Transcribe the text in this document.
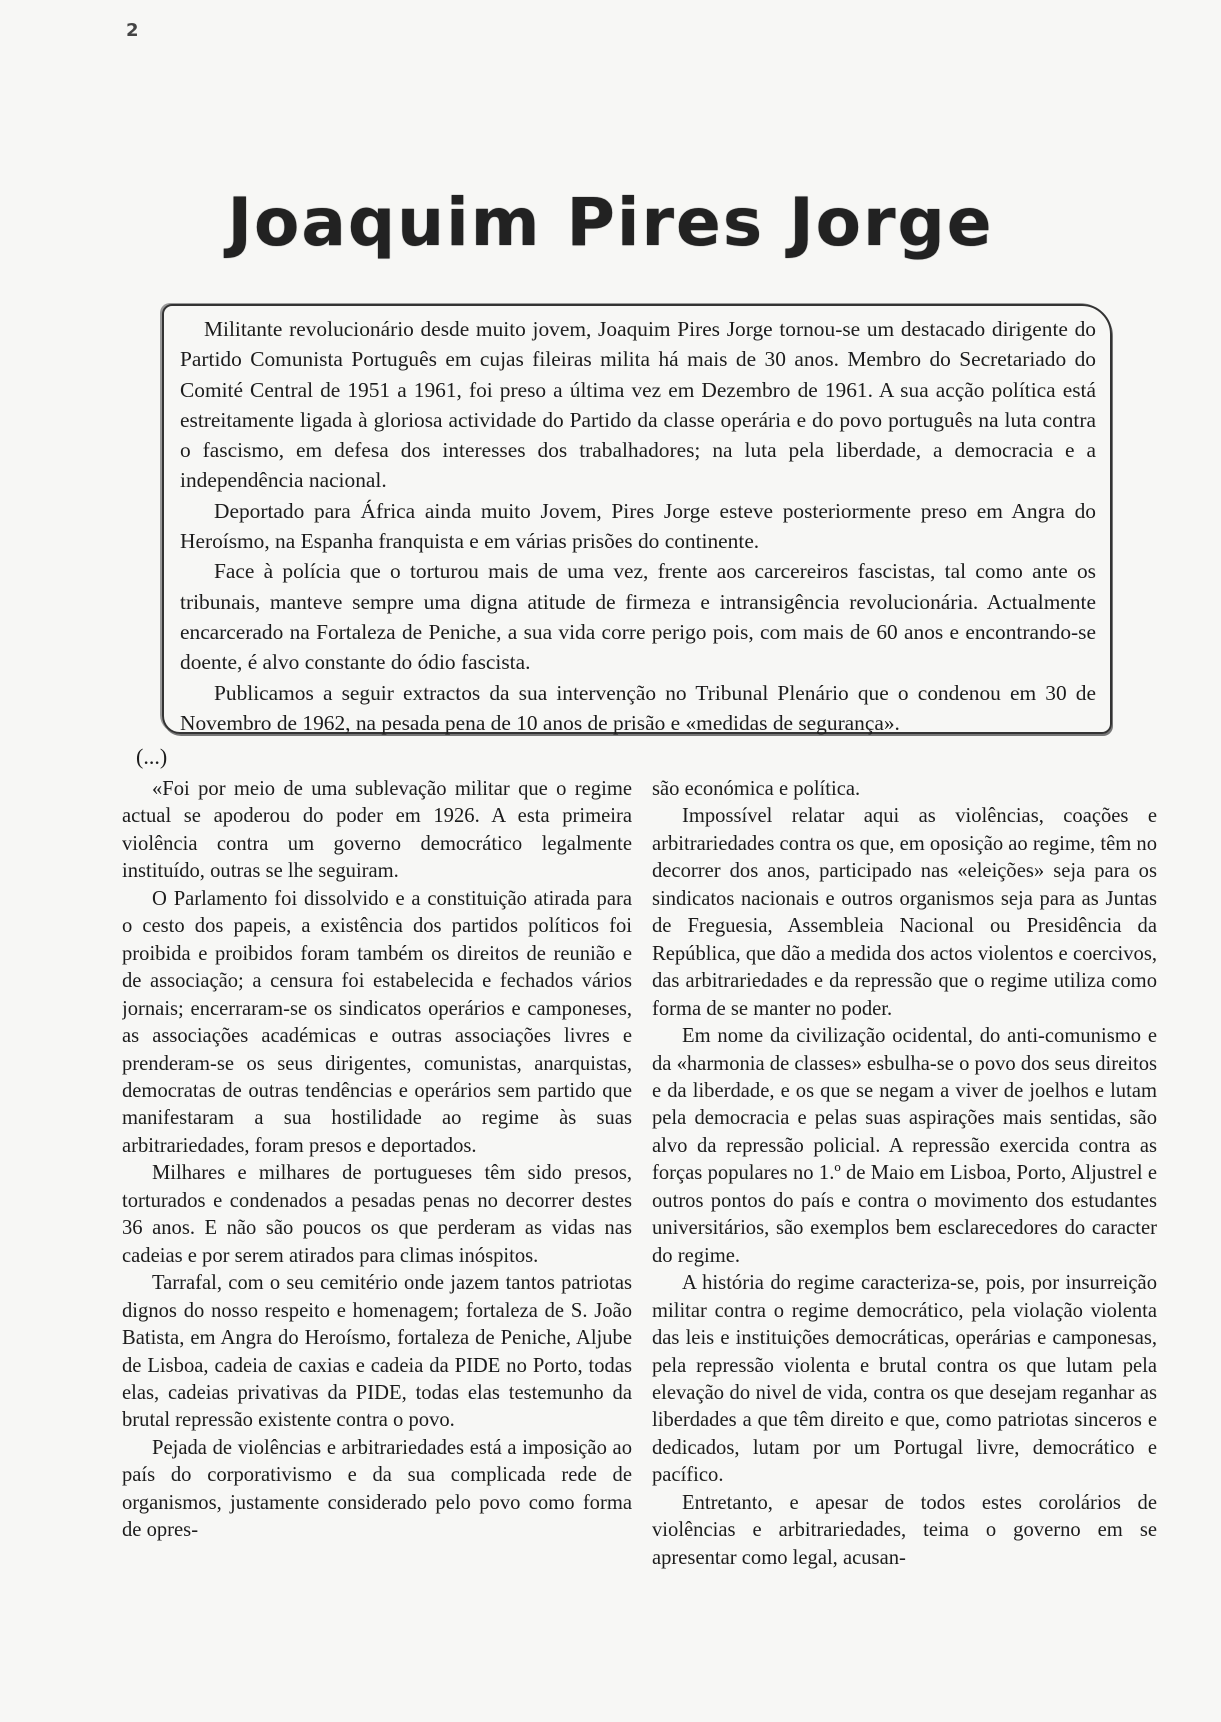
2
Joaquim Pires Jorge

Militante revolucionário desde muito jovem, Joaquim Pires Jorge tornou-se um destacado dirigente do Partido Comunista Português em cujas fileiras milita há mais de 30 anos. Membro do Secretariado do Comité Central de 1951 a 1961, foi preso a última vez em Dezembro de 1961. A sua acção política está estreitamente ligada à gloriosa actividade do Partido da classe operária e do povo português na luta contra o fascismo, em defesa dos interesses dos trabalhadores; na luta pela liberdade, a democracia e a independência nacional.

Deportado para África ainda muito Jovem, Pires Jorge esteve posteriormente preso em Angra do Heroísmo, na Espanha franquista e em várias prisões do continente.

Face à polícia que o torturou mais de uma vez, frente aos carcereiros fascistas, tal como ante os tribunais, manteve sempre uma digna atitude de firmeza e intransigência revolucionária. Actualmente encarcerado na Fortaleza de Peniche, a sua vida corre perigo pois, com mais de 60 anos e encontrando-se doente, é alvo constante do ódio fascista.

Publicamos a seguir extractos da sua intervenção no Tribunal Plenário que o condenou em 30 de Novembro de 1962, na pesada pena de 10 anos de prisão e «medidas de segurança».

(...)

«Foi por meio de uma sublevação militar que o regime actual se apoderou do poder em 1926. A esta primeira violência contra um governo democrático legalmente instituído, outras se lhe seguiram.

O Parlamento foi dissolvido e a constituição atirada para o cesto dos papeis, a existência dos partidos políticos foi proibida e proibidos foram também os direitos de reunião e de associação; a censura foi estabelecida e fechados vários jornais; encerraram-se os sindicatos operários e camponeses, as associações académicas e outras associações livres e prenderam-se os seus dirigentes, comunistas, anarquistas, democratas de outras tendências e operários sem partido que manifestaram a sua hostilidade ao regime às suas arbitrariedades, foram presos e deportados.

Milhares e milhares de portugueses têm sido presos, torturados e condenados a pesadas penas no decorrer destes 36 anos. E não são poucos os que perderam as vidas nas cadeias e por serem atirados para climas inóspitos.

Tarrafal, com o seu cemitério onde jazem tantos patriotas dignos do nosso respeito e homenagem; fortaleza de S. João Batista, em Angra do Heroísmo, fortaleza de Peniche, Aljube de Lisboa, cadeia de caxias e cadeia da PIDE no Porto, todas elas, cadeias privativas da PIDE, todas elas testemunho da brutal repressão existente contra o povo.

Pejada de violências e arbitrariedades está a imposição ao país do corporativismo e da sua complicada rede de organismos, justamente considerado pelo povo como forma de opres-

são económica e política.

Impossível relatar aqui as violências, coações e arbitrariedades contra os que, em oposição ao regime, têm no decorrer dos anos, participado nas «eleições» seja para os sindicatos nacionais e outros organismos seja para as Juntas de Freguesia, Assembleia Nacional ou Presidência da República, que dão a medida dos actos violentos e coercivos, das arbitrariedades e da repressão que o regime utiliza como forma de se manter no poder.

Em nome da civilização ocidental, do anti-comunismo e da «harmonia de classes» esbulha-se o povo dos seus direitos e da liberdade, e os que se negam a viver de joelhos e lutam pela democracia e pelas suas aspirações mais sentidas, são alvo da repressão policial. A repressão exercida contra as forças populares no 1.º de Maio em Lisboa, Porto, Aljustrel e outros pontos do país e contra o movimento dos estudantes universitários, são exemplos bem esclarecedores do caracter do regime.

A história do regime caracteriza-se, pois, por insurreição militar contra o regime democrático, pela violação violenta das leis e instituições democráticas, operárias e camponesas, pela repressão violenta e brutal contra os que lutam pela elevação do nivel de vida, contra os que desejam reganhar as liberdades a que têm direito e que, como patriotas sinceros e dedicados, lutam por um Portugal livre, democrático e pacífico.

Entretanto, e apesar de todos estes corolários de violências e arbitrariedades, teima o governo em se apresentar como legal, acusan-
